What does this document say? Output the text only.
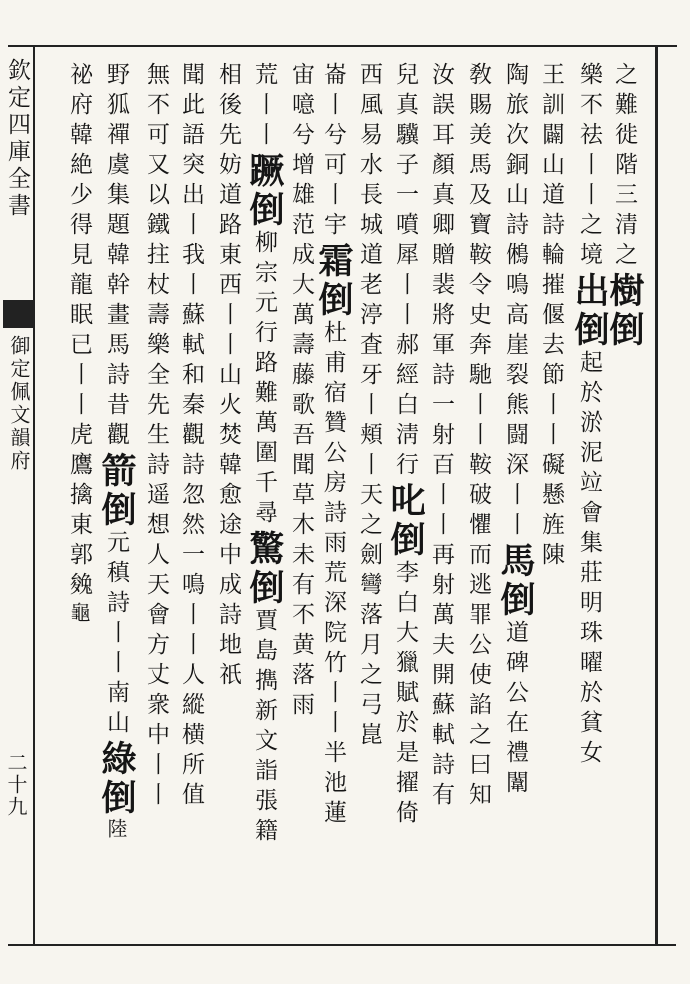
欽定四庫全書
御定佩文韻府
二十九
之難徙階三清之樹倒
樂不祛丨丨之境出倒起於淤泥竝會集莊明珠曜於貧女
王訓闢山道詩輪摧偃去節丨丨礙懸旌陳
陶旅次銅山詩鵂鳴高崖裂熊闘深丨丨馬倒道碑公在禮闈
敎賜羙馬及寶鞍令史奔馳丨丨鞍破懼而逃罪公使諂之曰知
汝誤耳顏真卿贈裴將軍詩一射百丨丨再射萬夫開蘇軾詩有
兒真驥子一噴犀丨丨郝經白淸行叱倒李白大獵賦於是擢倚
西風易水長城道老渟査牙丨頬丨天之劍彎落月之弓崑
崙丨兮可丨宇霜倒杜甫宿贊公房詩雨荒深院竹丨丨半池蓮
宙噫兮增雄范成大萬壽藤歌吾聞草木未有不黄落雨
荒丨丨蹶倒柳宗元行路難萬圍千尋驚倒賈島擕新文詣張籍
相後先妨道路東西丨丨山火焚韓愈途中成詩地祇
聞此語突出丨我丨蘇軾和秦觀詩忽然一鳴丨丨人縱横所值
無不可又以鐵拄杖壽樂全先生詩遥想人天會方丈衆中丨丨
野狐禪虞集題韓幹畫馬詩昔觀箭倒元稹詩丨丨南山綠倒陸
祕府韓絶少得見龍眠已丨丨虎鷹擒東郭㕙龜
